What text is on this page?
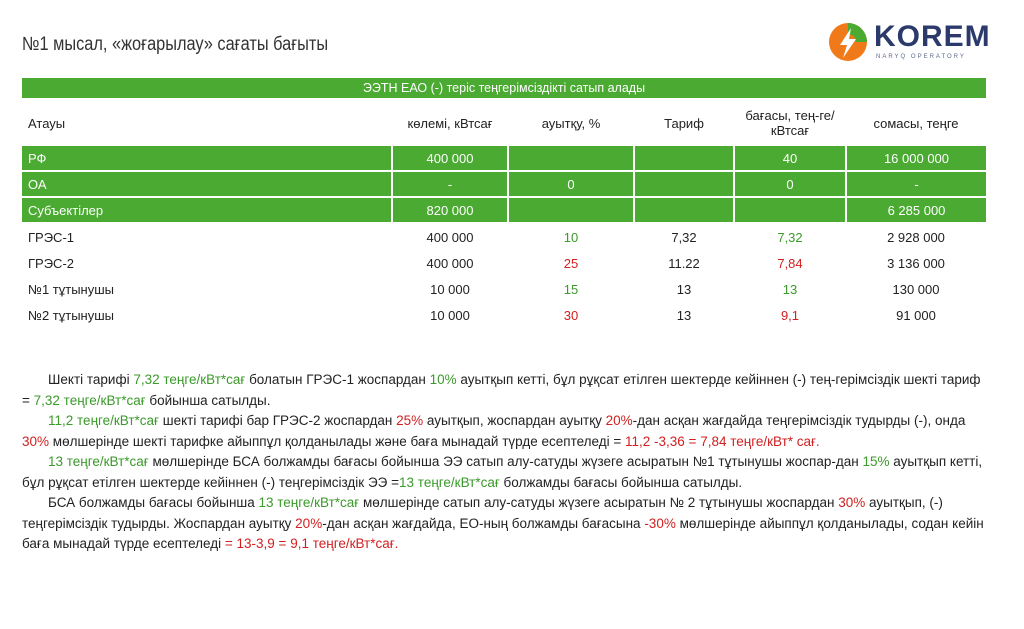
№1 мысал, «жоғарылау» сағаты бағыты	KOREM
NARYQ OPERATORY
ЭЭТН ЕАО (-) теріс теңгерімсіздікті сатып алады					
Атауы	көлемі, кВтсағ	ауытқу, %	Тариф	бағасы, тең-ге/кВтсағ	сомасы, теңге
РФ	400 000			40	16 000 000
ОА	-	0		0	-
Субъектілер	820 000				6 285 000
ГРЭС-1	400 000	10	7,32	7,32	2 928 000
ГРЭС-2	400 000	25	11.22	7,84	3 136 000
№1 тұтынушы	10 000	15	13	13	130 000
№2 тұтынушы	10 000	30	13	9,1	91 000

Шекті тарифі 7,32 теңге/кВт*сағ болатын ГРЭС-1 жоспардан 10% ауытқып кетті, бұл рұқсат етілген шектерде кейіннен (-) тең-герімсіздік шекті тариф = 7,32 теңге/кВт*сағ бойынша сатылды.

11,2 теңге/кВт*сағ шекті тарифі бар ГРЭС-2 жоспардан 25% ауытқып, жоспардан ауытқу 20%-дан асқан жағдайда теңгерімсіздік тудырды (-), онда 30% мөлшерінде шекті тарифке айыппұл қолданылады және баға мынадай түрде есептеледі = 11,2 -3,36 = 7,84 теңге/кВт* сағ.

13 теңге/кВт*сағ мөлшерінде БСА болжамды бағасы бойынша ЭЭ сатып алу-сатуды жүзеге асыратын №1 тұтынушы жоспар-дан 15% ауытқып кетті, бұл рұқсат етілген шектерде кейіннен (-) теңгерімсіздік ЭЭ =13 теңге/кВт*сағ болжамды бағасы бойынша сатылды.

БСА болжамды бағасы бойынша 13 теңге/кВт*сағ мөлшерінде сатып алу-сатуды жүзеге асыратын № 2 тұтынушы жоспардан 30% ауытқып, (-) теңгерімсіздік тудырды. Жоспардан ауытқу 20%-дан асқан жағдайда, ЕО-ның болжамды бағасына -30% мөлшерінде айыппұл қолданылады, содан кейін баға мынадай түрде есептеледі = 13-3,9 = 9,1 теңге/кВт*сағ.
